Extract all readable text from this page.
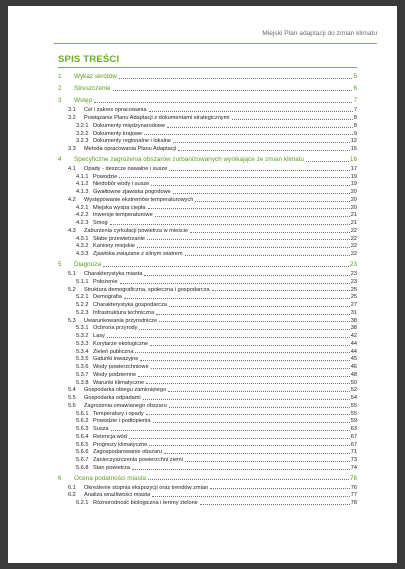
Miejski Plan adaptacji do zmian klimatu
SPIS TREŚCI
1	Wykaz skrótów	5
2	Streszczenie	6
3	Wstęp	7
3.1	Cel i zakres opracowania	7
3.2	Powiązanie Planu Adaptacji z dokumentami strategicznymi	8
3.2.1 Dokumenty międzynarodowe	8
3.2.2 Dokumenty krajowe	9
3.2.3 Dokumenty regionalne i lokalne	12
3.3	Metoda opracowania Planu Adaptacji	15
4	Specyficzne zagrożenia obszarów zurbanizowanych wynikające ze zmian klimatu	16
4.1	Opady - deszcze nawalne i susze	17
4.1.1 Powodzie	19
4.1.2 Niedobór wody i susze	19
4.1.3 Gwałtowne zjawiska pogodowe	20
4.2	Występowanie ekstremów temperaturowych	20
4.2.1 Miejska wyspa ciepła	20
4.2.2 Inwersje temperaturowe	21
4.2.3 Smog	21
4.3	Zaburzenia cyrkulacji powietrza w mieście	22
4.3.1 Słabe przewietrzanie	22
4.3.2 Kaniony miejskie	22
4.3.3 Zjawiska związane z silnym wiatrem	22
5	Diagnoza	23
5.1	Charakterystyka miasta	23
5.1.1 Położenie	23
5.2	Struktura demograficzna, społeczna i gospodarcza	25
5.2.1 Demografia	25
5.2.2 Charakterystyka gospodarcza	27
5.2.3 Infrastruktura techniczna	31
5.3	Uwarunkowania przyrodnicze	38
5.3.1 Ochrona przyrody	38
5.3.2 Lasy	42
5.3.3 Korytarze ekologiczne	44
5.3.4 Zieleń publiczna	44
5.3.5 Gatunki inwazyjne	45
5.3.6 Wody powierzchniowe	46
5.3.7 Wody podziemne	48
5.3.8 Warunki klimatyczne	50
5.4	Gospodarka obiegu zamkniętego	52
5.5	Gospodarka odpadami	54
5.6	Zagrożenia omawianego obszaru	55
5.6.1 Temperatury i opady	55
5.6.2 Powodzie i podtopienia	59
5.6.3 Susza	63
5.6.4 Retencja wód	67
5.6.5 Prognozy klimatyczne	67
5.6.6 Zagospodarowanie obszaru	71
5.6.7 Zanieczyszczenia powierzchni ziemi	73
5.6.8 Stan powietrza	74
6	Ocena podatności miasta	76
6.1	Określenie stopnia ekspozycji oraz trendów zmian	76
6.2	Analiza wrażliwości miasta	77
6.2.1 Różnorodność biologiczna i tereny zielone	78
